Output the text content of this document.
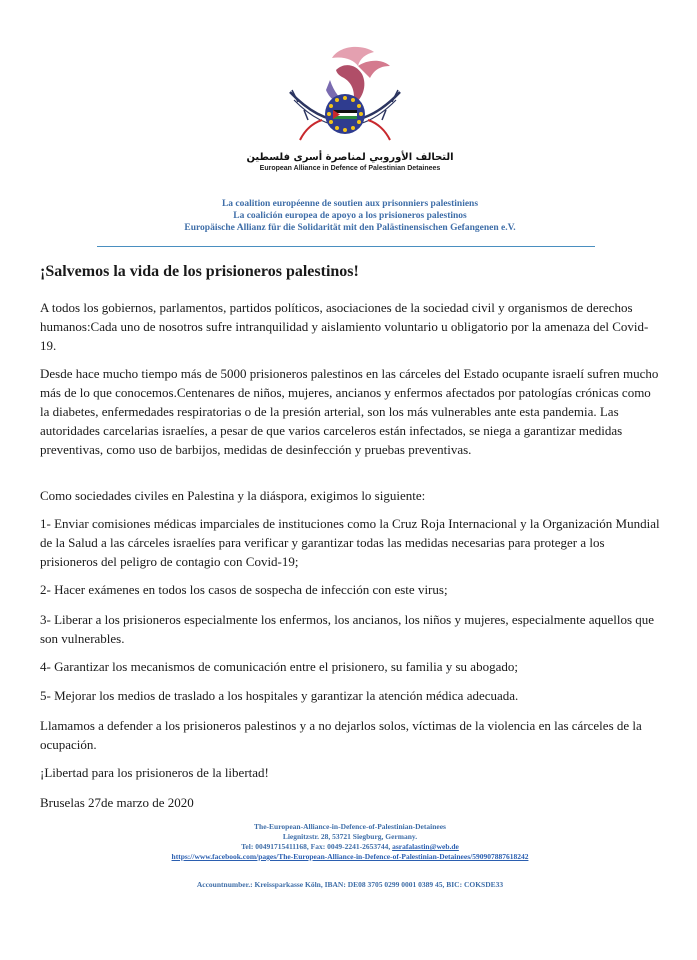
التحالف الأوروبي لمناصرة أسرى فلسطين
European Alliance in Defence of Palestinian Detainees
La coalition européenne de soutien aux prisonniers palestiniens
La coalición europea de apoyo a los prisioneros palestinos
Europäische Allianz für die Solidarität mit den Palästinensischen Gefangenen e.V.
¡Salvemos la vida de los prisioneros palestinos!

A todos los gobiernos, parlamentos, partidos políticos, asociaciones de la sociedad civil y organismos de derechos humanos:Cada uno de nosotros sufre intranquilidad y aislamiento voluntario u obligatorio por la amenaza del Covid-19.

Desde hace mucho tiempo más de 5000 prisioneros palestinos en las cárceles del Estado ocupante israelí sufren mucho más de lo que conocemos.Centenares de niños, mujeres, ancianos y enfermos afectados por patologías crónicas como la diabetes, enfermedades respiratorias o de la presión arterial, son los más vulnerables ante esta pandemia. Las autoridades carcelarias israelíes, a pesar de que varios carceleros están infectados, se niega a garantizar medidas preventivas, como uso de barbijos, medidas de desinfección y pruebas preventivas.

Como sociedades civiles en Palestina y la diáspora, exigimos lo siguiente:

1- Enviar comisiones médicas imparciales de instituciones como la Cruz Roja Internacional y la Organización Mundial de la Salud a las cárceles israelíes para verificar y garantizar todas las medidas necesarias para proteger a los prisioneros del peligro de contagio con Covid-19;

2- Hacer exámenes en todos los casos de sospecha de infección con este virus;

3- Liberar a los prisioneros especialmente los enfermos, los ancianos, los niños y mujeres, especialmente aquellos que son vulnerables.

4- Garantizar los mecanismos de comunicación entre el prisionero, su familia y su abogado;

5- Mejorar los medios de traslado a los hospitales y garantizar la atención médica adecuada.

Llamamos a defender a los prisioneros palestinos y a no dejarlos solos, víctimas de la violencia en las cárceles de la ocupación.

¡Libertad para los prisioneros de la libertad!

Bruselas 27de marzo de 2020

The-European-Alliance-in-Defence-of-Palestinian-Detainees
Liegnitzstr. 28, 53721 Siegburg, Germany.
Tel: 00491715411168, Fax: 0049-2241-2653744, asrafalastin@web.de
https://www.facebook.com/pages/The-European-Alliance-in-Defence-of-Palestinian-Detainees/590907887618242
Accountnumber.: Kreissparkasse Köln, IBAN: DE08 3705 0299 0001 0389 45, BIC: COKSDE33
